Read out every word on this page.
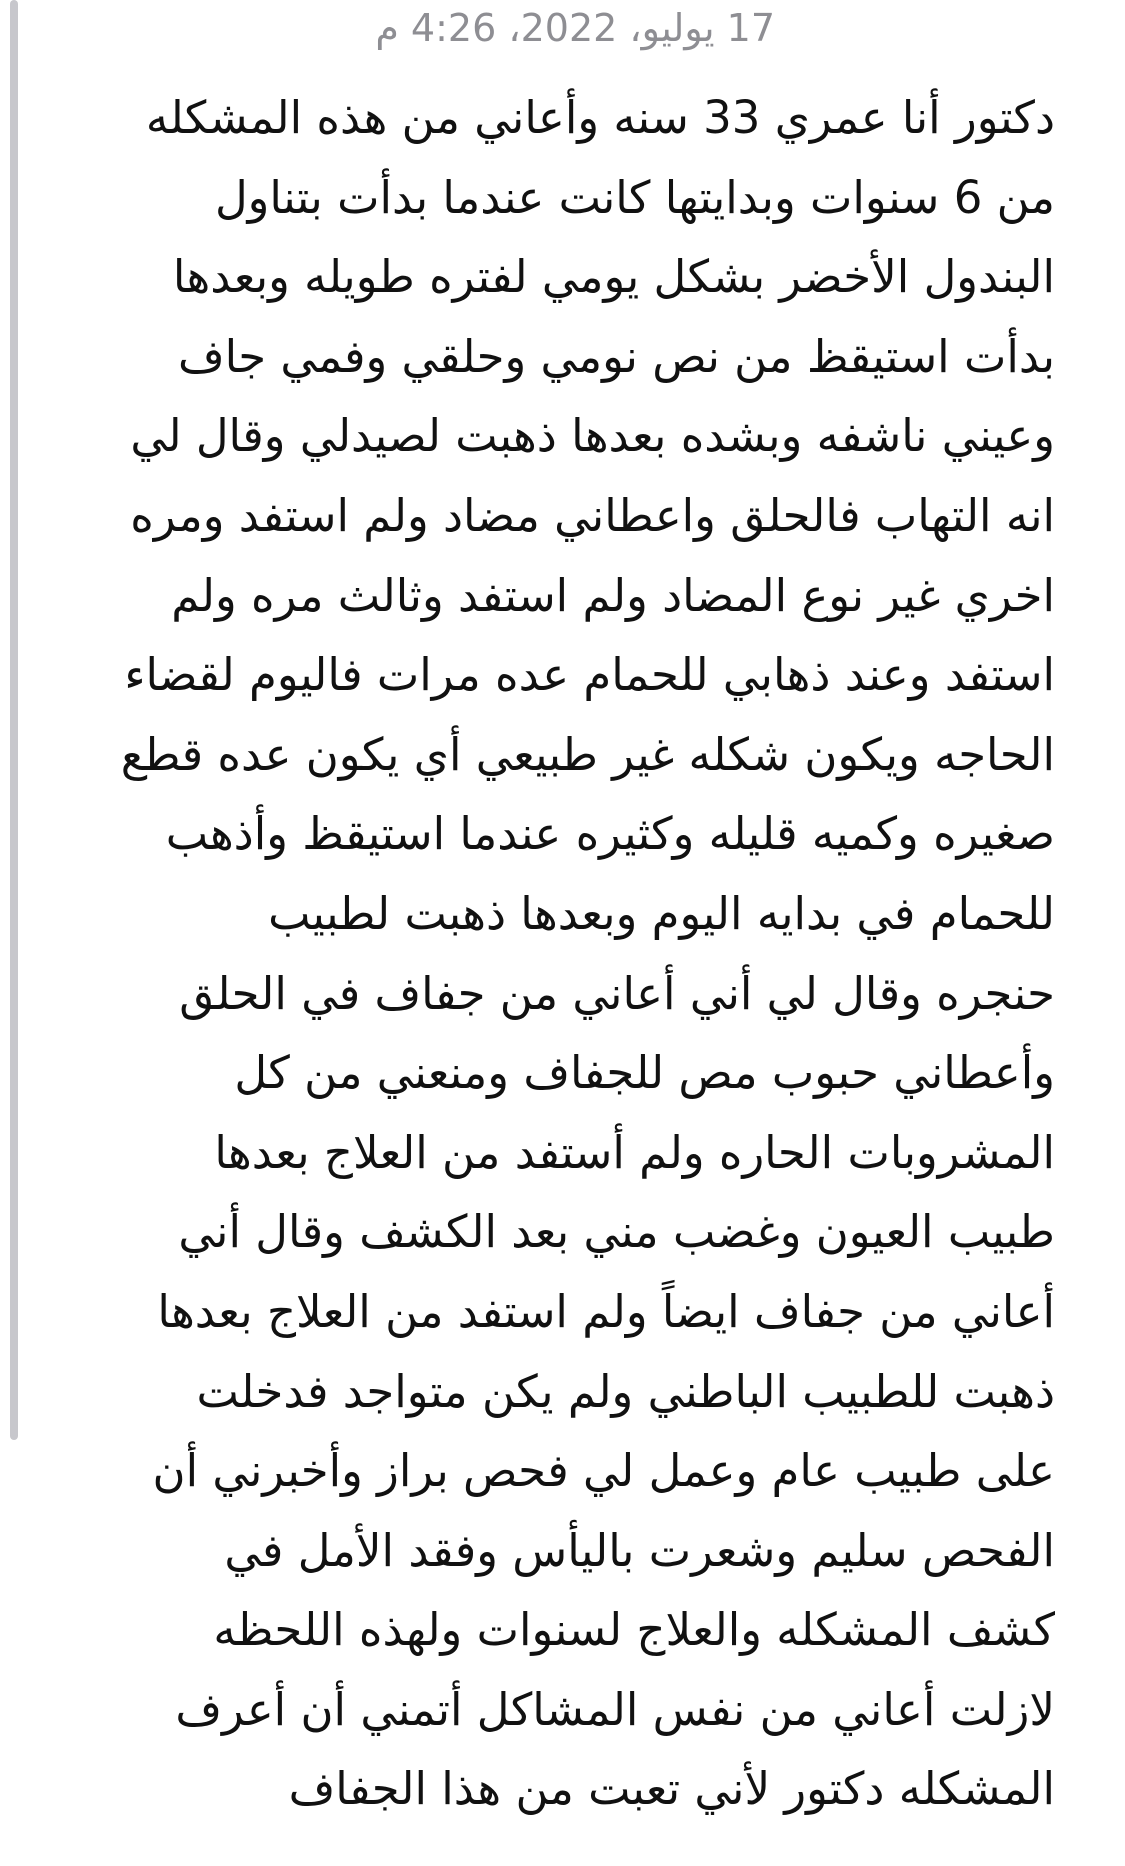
17 يوليو، 2022، 4:26 م
دكتور أنا عمري 33 سنه وأعاني من هذه المشكله
من 6 سنوات وبدايتها كانت عندما بدأت بتناول
البندول الأخضر بشكل يومي لفتره طويله وبعدها
بدأت استيقظ من نص نومي وحلقي وفمي جاف
وعيني ناشفه وبشده بعدها ذهبت لصيدلي وقال لي
انه التهاب فالحلق واعطاني مضاد ولم استفد ومره
اخري غير نوع المضاد ولم استفد وثالث مره ولم
استفد وعند ذهابي للحمام عده مرات فاليوم لقضاء
الحاجه ويكون شكله غير طبيعي أي يكون عده قطع
صغيره وكميه قليله وكثيره عندما استيقظ وأذهب
للحمام في بدايه اليوم وبعدها ذهبت لطبيب
حنجره وقال لي أني أعاني من جفاف في الحلق
وأعطاني حبوب مص للجفاف ومنعني من كل
المشروبات الحاره ولم أستفد من العلاج بعدها
طبيب العيون وغضب مني بعد الكشف وقال أني
أعاني من جفاف ايضاً ولم استفد من العلاج بعدها
ذهبت للطبيب الباطني ولم يكن متواجد فدخلت
على طبيب عام وعمل لي فحص براز وأخبرني أن
الفحص سليم وشعرت باليأس وفقد الأمل في
كشف المشكله والعلاج لسنوات ولهذه اللحظه
لازلت أعاني من نفس المشاكل أتمني أن أعرف
المشكله دكتور لأني تعبت من هذا الجفاف
